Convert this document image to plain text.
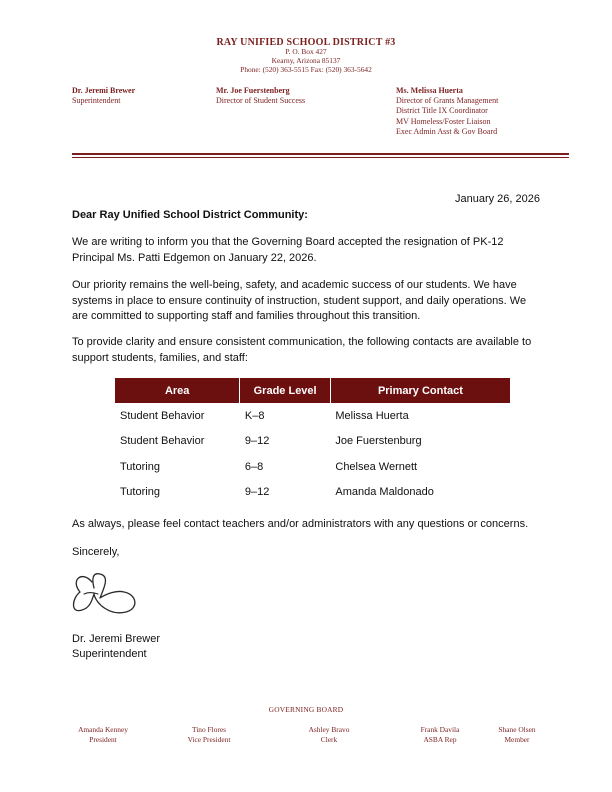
RAY UNIFIED SCHOOL DISTRICT #3
P. O. Box 427
Kearny, Arizona 85137
Phone: (520) 363-5515 Fax: (520) 363-5642
Dr. Jeremi Brewer
Superintendent
Mr. Joe Fuerstenberg
Director of Student Success
Ms. Melissa Huerta
Director of Grants Management
District Title IX Coordinator
MV Homeless/Foster Liaison
Exec Admin Asst & Gov Board
January 26, 2026
Dear Ray Unified School District Community:
We are writing to inform you that the Governing Board accepted the resignation of PK-12 Principal Ms. Patti Edgemon on January 22, 2026.
Our priority remains the well-being, safety, and academic success of our students. We have systems in place to ensure continuity of instruction, student support, and daily operations. We are committed to supporting staff and families throughout this transition.
To provide clarity and ensure consistent communication, the following contacts are available to support students, families, and staff:
Area	Grade Level	Primary Contact
Student Behavior	K–8	Melissa Huerta
Student Behavior	9–12	Joe Fuerstenburg
Tutoring	6–8	Chelsea Wernett
Tutoring	9–12	Amanda Maldonado
As always, please feel contact teachers and/or administrators with any questions or concerns.
Sincerely,
Dr. Jeremi Brewer
Superintendent
GOVERNING BOARD
Amanda Kenney
President
Tino Flores
Vice President
Ashley Bravo
Clerk
Frank Davila
ASBA Rep
Shane Olsen
Member
